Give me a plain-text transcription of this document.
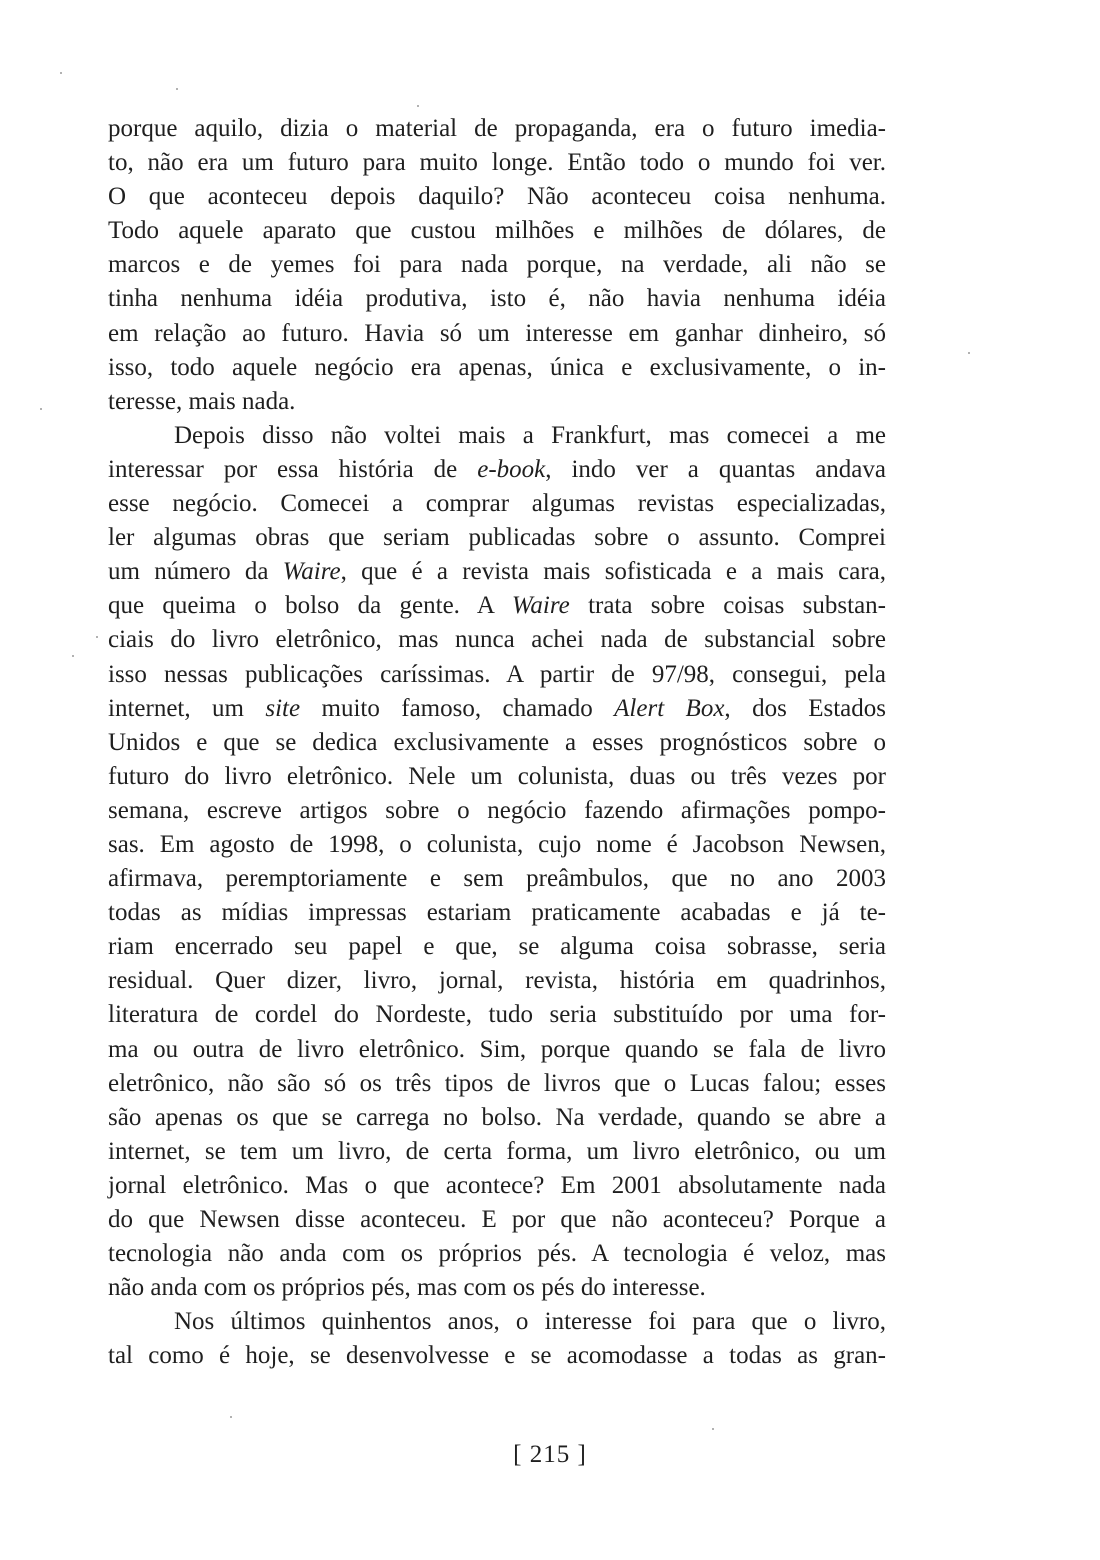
porque aquilo, dizia o material de propaganda, era o futuro imedia-
to, não era um futuro para muito longe. Então todo o mundo foi ver.
O que aconteceu depois daquilo? Não aconteceu coisa nenhuma.
Todo aquele aparato que custou milhões e milhões de dólares, de
marcos e de yemes foi para nada porque, na verdade, ali não se
tinha nenhuma idéia produtiva, isto é, não havia nenhuma idéia
em relação ao futuro. Havia só um interesse em ganhar dinheiro, só
isso, todo aquele negócio era apenas, única e exclusivamente, o in-
teresse, mais nada.
Depois disso não voltei mais a Frankfurt, mas comecei a me
interessar por essa história de e-book, indo ver a quantas andava
esse negócio. Comecei a comprar algumas revistas especializadas,
ler algumas obras que seriam publicadas sobre o assunto. Comprei
um número da Waire, que é a revista mais sofisticada e a mais cara,
que queima o bolso da gente. A Waire trata sobre coisas substan-
ciais do livro eletrônico, mas nunca achei nada de substancial sobre
isso nessas publicações caríssimas. A partir de 97/98, consegui, pela
internet, um site muito famoso, chamado Alert Box, dos Estados
Unidos e que se dedica exclusivamente a esses prognósticos sobre o
futuro do livro eletrônico. Nele um colunista, duas ou três vezes por
semana, escreve artigos sobre o negócio fazendo afirmações pompo-
sas. Em agosto de 1998, o colunista, cujo nome é Jacobson Newsen,
afirmava, peremptoriamente e sem preâmbulos, que no ano 2003
todas as mídias impressas estariam praticamente acabadas e já te-
riam encerrado seu papel e que, se alguma coisa sobrasse, seria
residual. Quer dizer, livro, jornal, revista, história em quadrinhos,
literatura de cordel do Nordeste, tudo seria substituído por uma for-
ma ou outra de livro eletrônico. Sim, porque quando se fala de livro
eletrônico, não são só os três tipos de livros que o Lucas falou; esses
são apenas os que se carrega no bolso. Na verdade, quando se abre a
internet, se tem um livro, de certa forma, um livro eletrônico, ou um
jornal eletrônico. Mas o que acontece? Em 2001 absolutamente nada
do que Newsen disse aconteceu. E por que não aconteceu? Porque a
tecnologia não anda com os próprios pés. A tecnologia é veloz, mas
não anda com os próprios pés, mas com os pés do interesse.
Nos últimos quinhentos anos, o interesse foi para que o livro,
tal como é hoje, se desenvolvesse e se acomodasse a todas as gran-
[ 215 ]
